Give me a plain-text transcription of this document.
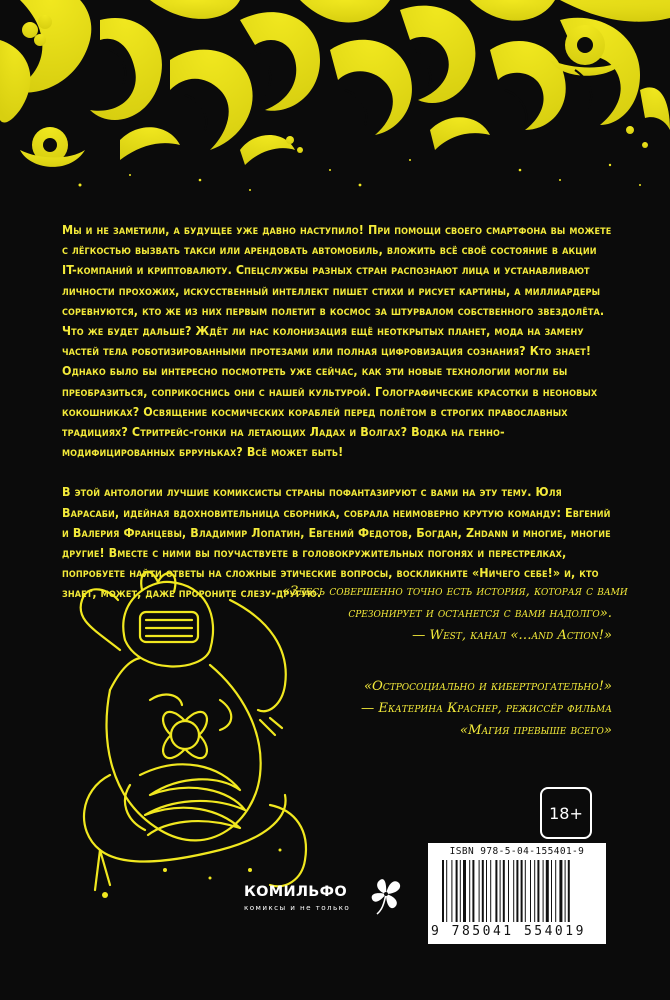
Мы и не заметили, а будущее уже давно наступило! При помощи своего смартфона вы можете с лёгкостью вызвать такси или арендовать автомобиль, вложить всё своё состояние в акции IT-компаний и криптовалюту. Спецслужбы разных стран распознают лица и устанавливают личности прохожих, искусственный интеллект пишет стихи и рисует картины, а миллиардеры соревнуются, кто же из них первым полетит в космос за штурвалом собственного звездолёта. Что же будет дальше? Ждёт ли нас колонизация ещё неоткрытых планет, мода на замену частей тела роботизированными протезами или полная цифровизация сознания? Кто знает! Однако было бы интересно посмотреть уже сейчас, как эти новые технологии могли бы преобразиться, соприкоснись они с нашей культурой. Голографические красотки в неоновых кокошниках? Освящение космических кораблей перед полётом в строгих православных традициях? Стритрейс-гонки на летающих Ладах и Волгах? Водка на генно-модифицированных брруньках? Всё может быть!

В этой антологии лучшие комиксисты страны пофантазируют с вами на эту тему. Юля Варасаби, идейная вдохновительница сборника, собрала неимоверно крутую команду: Евгений и Валерия Францевы, Владимир Лопатин, Евгений Федотов, Богдан, Zhdann и многие, многие другие! Вместе с ними вы поучаствуете в головокружительных погонях и перестрелках, попробуете найти ответы на сложные этические вопросы, воскликните «Ничего себе!» и, кто знает, может, даже пророните слезу-другую.

«Здесь совершенно точно есть история, которая с вами
срезонирует и останется с вами надолго».
— West, канал «…and Action!»
«Остросоциально и кибертрогательно!»
— Екатерина Краснер, режиссёр фильма
«Магия превыше всего»
18+
КОМИЛЬФО
комиксы и не только
ISBN 978-5-04-155401-9
9 785041 554019
